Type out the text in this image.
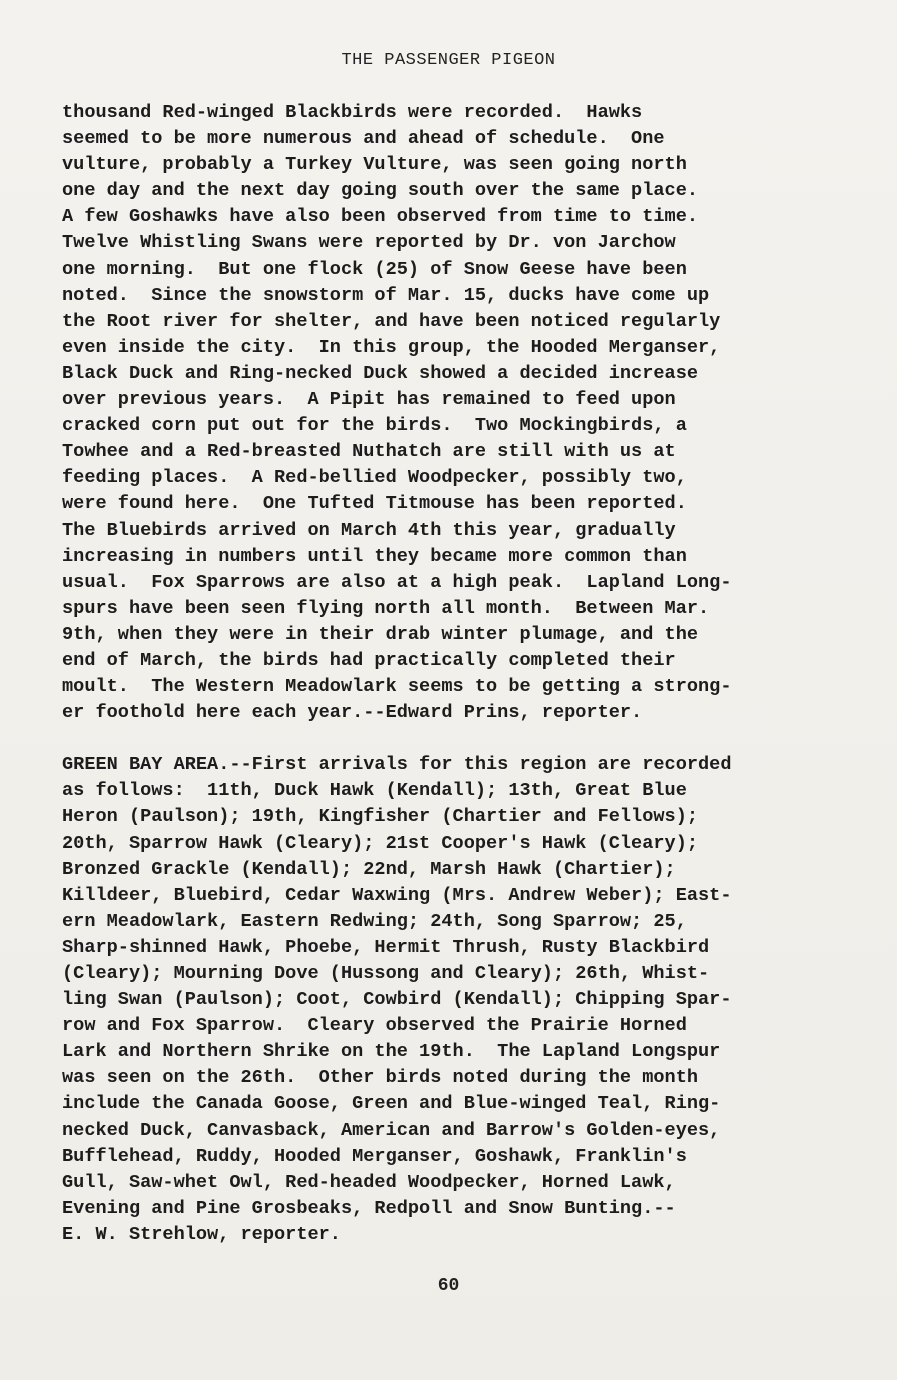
THE PASSENGER PIGEON
thousand Red-winged Blackbirds were recorded.  Hawks
seemed to be more numerous and ahead of schedule.  One
vulture, probably a Turkey Vulture, was seen going north
one day and the next day going south over the same place.
A few Goshawks have also been observed from time to time.
Twelve Whistling Swans were reported by Dr. von Jarchow
one morning.  But one flock (25) of Snow Geese have been
noted.  Since the snowstorm of Mar. 15, ducks have come up
the Root river for shelter, and have been noticed regularly
even inside the city.  In this group, the Hooded Merganser,
Black Duck and Ring-necked Duck showed a decided increase
over previous years.  A Pipit has remained to feed upon
cracked corn put out for the birds.  Two Mockingbirds, a
Towhee and a Red-breasted Nuthatch are still with us at
feeding places.  A Red-bellied Woodpecker, possibly two,
were found here.  One Tufted Titmouse has been reported.
The Bluebirds arrived on March 4th this year, gradually
increasing in numbers until they became more common than
usual.  Fox Sparrows are also at a high peak.  Lapland Long-
spurs have been seen flying north all month.  Between Mar.
9th, when they were in their drab winter plumage, and the
end of March, the birds had practically completed their
moult.  The Western Meadowlark seems to be getting a strong-
er foothold here each year.--Edward Prins, reporter.
GREEN BAY AREA.--First arrivals for this region are recorded
as follows:  11th, Duck Hawk (Kendall); 13th, Great Blue
Heron (Paulson); 19th, Kingfisher (Chartier and Fellows);
20th, Sparrow Hawk (Cleary); 21st Cooper's Hawk (Cleary);
Bronzed Grackle (Kendall); 22nd, Marsh Hawk (Chartier);
Killdeer, Bluebird, Cedar Waxwing (Mrs. Andrew Weber); East-
ern Meadowlark, Eastern Redwing; 24th, Song Sparrow; 25,
Sharp-shinned Hawk, Phoebe, Hermit Thrush, Rusty Blackbird
(Cleary); Mourning Dove (Hussong and Cleary); 26th, Whist-
ling Swan (Paulson); Coot, Cowbird (Kendall); Chipping Spar-
row and Fox Sparrow.  Cleary observed the Prairie Horned
Lark and Northern Shrike on the 19th.  The Lapland Longspur
was seen on the 26th.  Other birds noted during the month
include the Canada Goose, Green and Blue-winged Teal, Ring-
necked Duck, Canvasback, American and Barrow's Golden-eyes,
Bufflehead, Ruddy, Hooded Merganser, Goshawk, Franklin's
Gull, Saw-whet Owl, Red-headed Woodpecker, Horned Lawk,
Evening and Pine Grosbeaks, Redpoll and Snow Bunting.--
E. W. Strehlow, reporter.
60
